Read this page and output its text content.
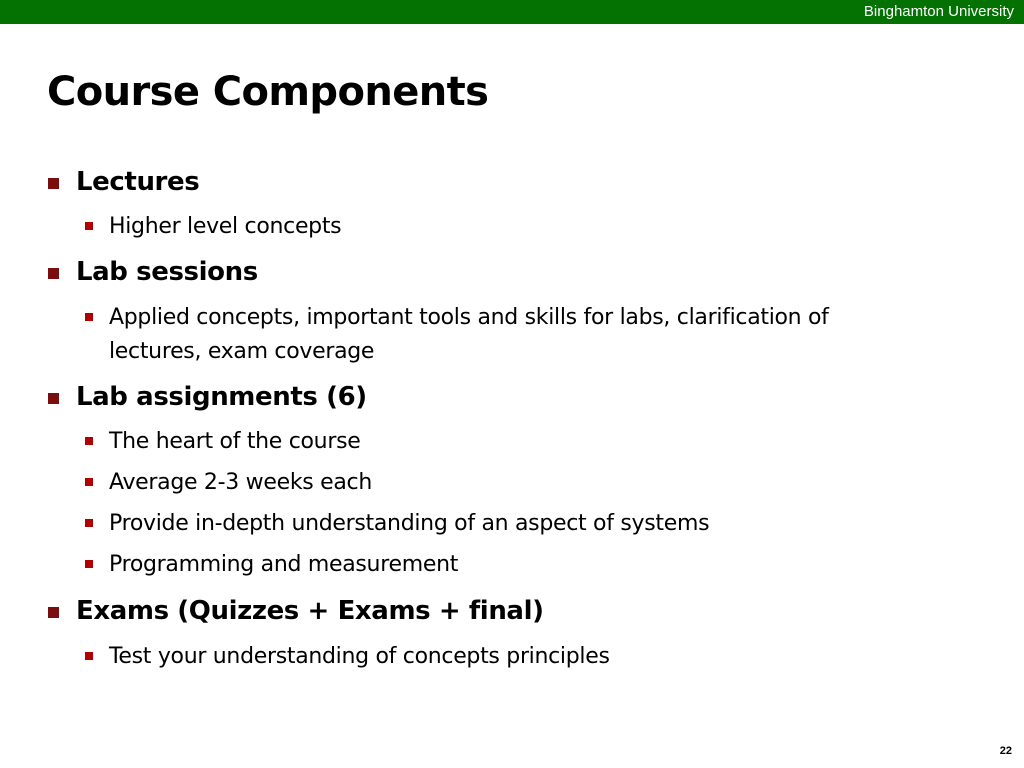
Binghamton University
Course Components
Lectures
Higher level concepts
Lab sessions
Applied concepts, important tools and skills for labs, clarification of lectures, exam coverage
Lab assignments (6)
The heart of the course
Average 2-3 weeks each
Provide in-depth understanding of an aspect of systems
Programming and measurement
Exams (Quizzes + Exams + final)
Test your understanding of concepts principles
22
